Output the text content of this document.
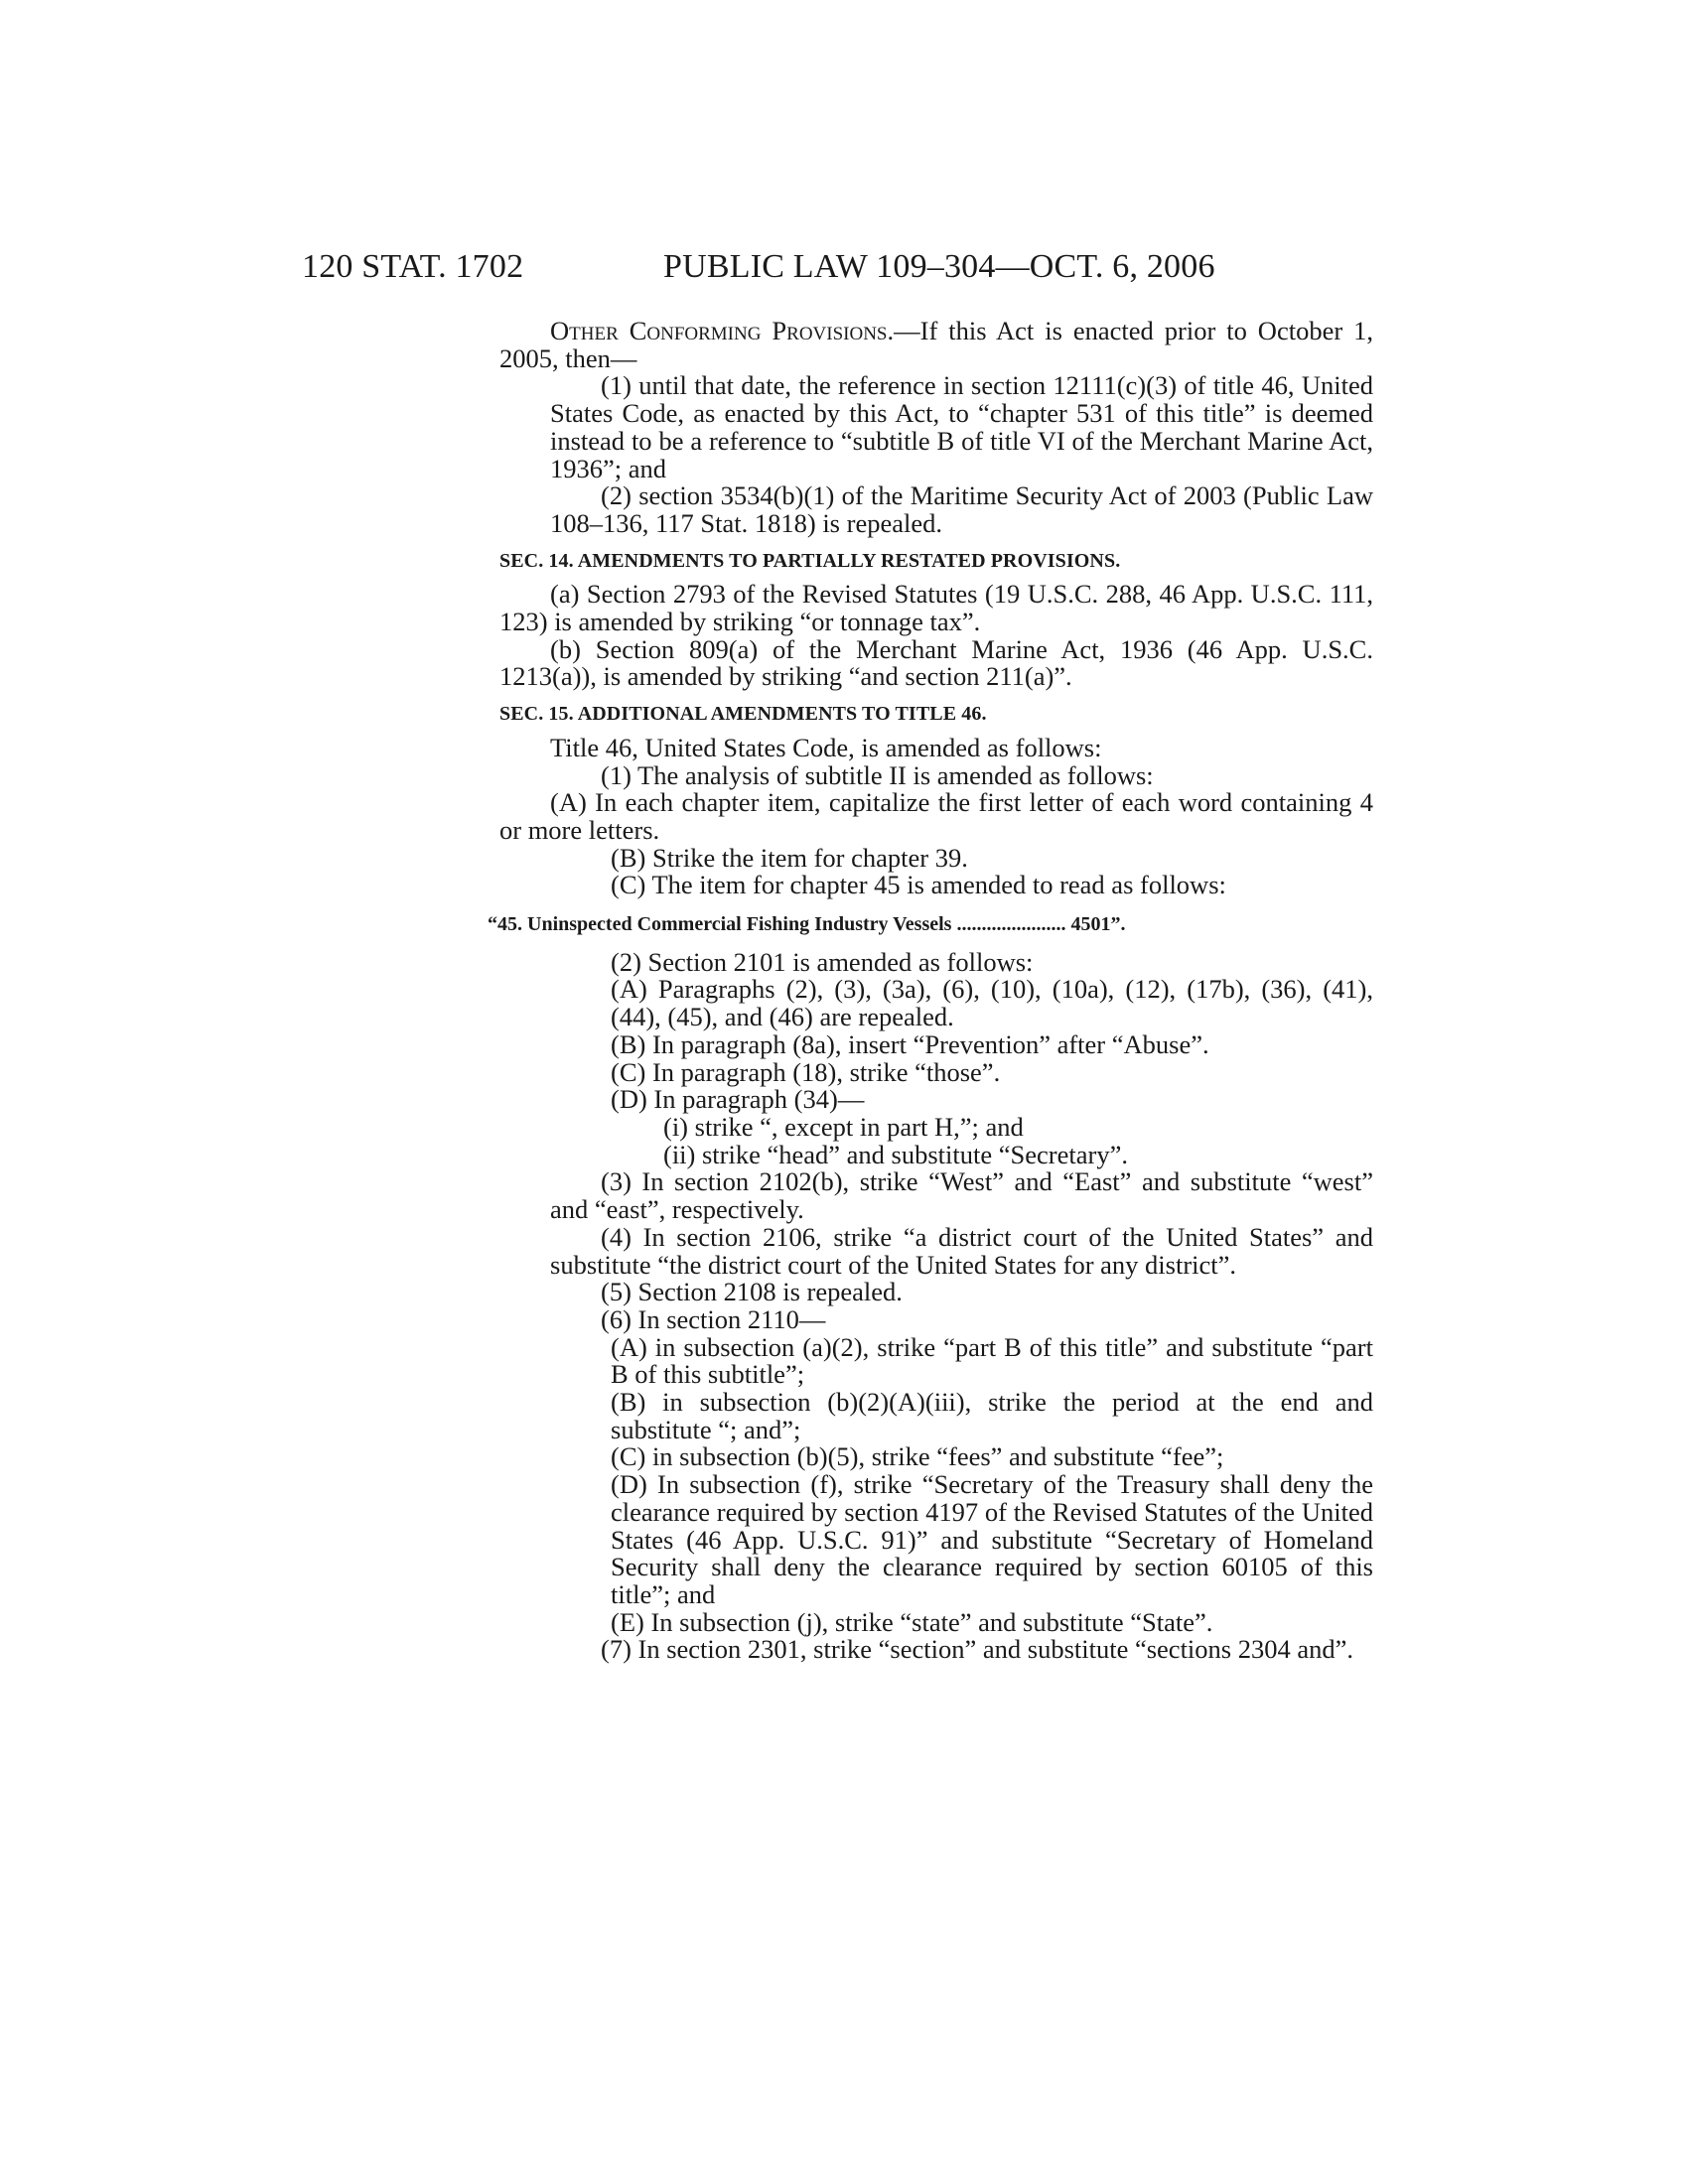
120 STAT. 1702	PUBLIC LAW 109–304—OCT. 6, 2006

Other Conforming Provisions.—If this Act is enacted prior to October 1, 2005, then—

(1) until that date, the reference in section 12111(c)(3) of title 46, United States Code, as enacted by this Act, to “chapter 531 of this title” is deemed instead to be a reference to “subtitle B of title VI of the Merchant Marine Act, 1936”; and

(2) section 3534(b)(1) of the Maritime Security Act of 2003 (Public Law 108–136, 117 Stat. 1818) is repealed.

SEC. 14. AMENDMENTS TO PARTIALLY RESTATED PROVISIONS.

(a) Section 2793 of the Revised Statutes (19 U.S.C. 288, 46 App. U.S.C. 111, 123) is amended by striking “or tonnage tax”.

(b) Section 809(a) of the Merchant Marine Act, 1936 (46 App. U.S.C. 1213(a)), is amended by striking “and section 211(a)”.

SEC. 15. ADDITIONAL AMENDMENTS TO TITLE 46.

Title 46, United States Code, is amended as follows:

(1) The analysis of subtitle II is amended as follows:

(A) In each chapter item, capitalize the first letter of each word containing 4 or more letters.

(B) Strike the item for chapter 39.

(C) The item for chapter 45 is amended to read as follows:

“45. Uninspected Commercial Fishing Industry Vessels ...................... 4501”.

(2) Section 2101 is amended as follows:

(A) Paragraphs (2), (3), (3a), (6), (10), (10a), (12), (17b), (36), (41), (44), (45), and (46) are repealed.

(B) In paragraph (8a), insert “Prevention” after “Abuse”.

(C) In paragraph (18), strike “those”.

(D) In paragraph (34)—

(i) strike “, except in part H,”; and

(ii) strike “head” and substitute “Secretary”.

(3) In section 2102(b), strike “West” and “East” and substitute “west” and “east”, respectively.

(4) In section 2106, strike “a district court of the United States” and substitute “the district court of the United States for any district”.

(5) Section 2108 is repealed.

(6) In section 2110—

(A) in subsection (a)(2), strike “part B of this title” and substitute “part B of this subtitle”;

(B) in subsection (b)(2)(A)(iii), strike the period at the end and substitute “; and”;

(C) in subsection (b)(5), strike “fees” and substitute “fee”;

(D) In subsection (f), strike “Secretary of the Treasury shall deny the clearance required by section 4197 of the Revised Statutes of the United States (46 App. U.S.C. 91)” and substitute “Secretary of Homeland Security shall deny the clearance required by section 60105 of this title”; and

(E) In subsection (j), strike “state” and substitute “State”.

(7) In section 2301, strike “section” and substitute “sections 2304 and”.
